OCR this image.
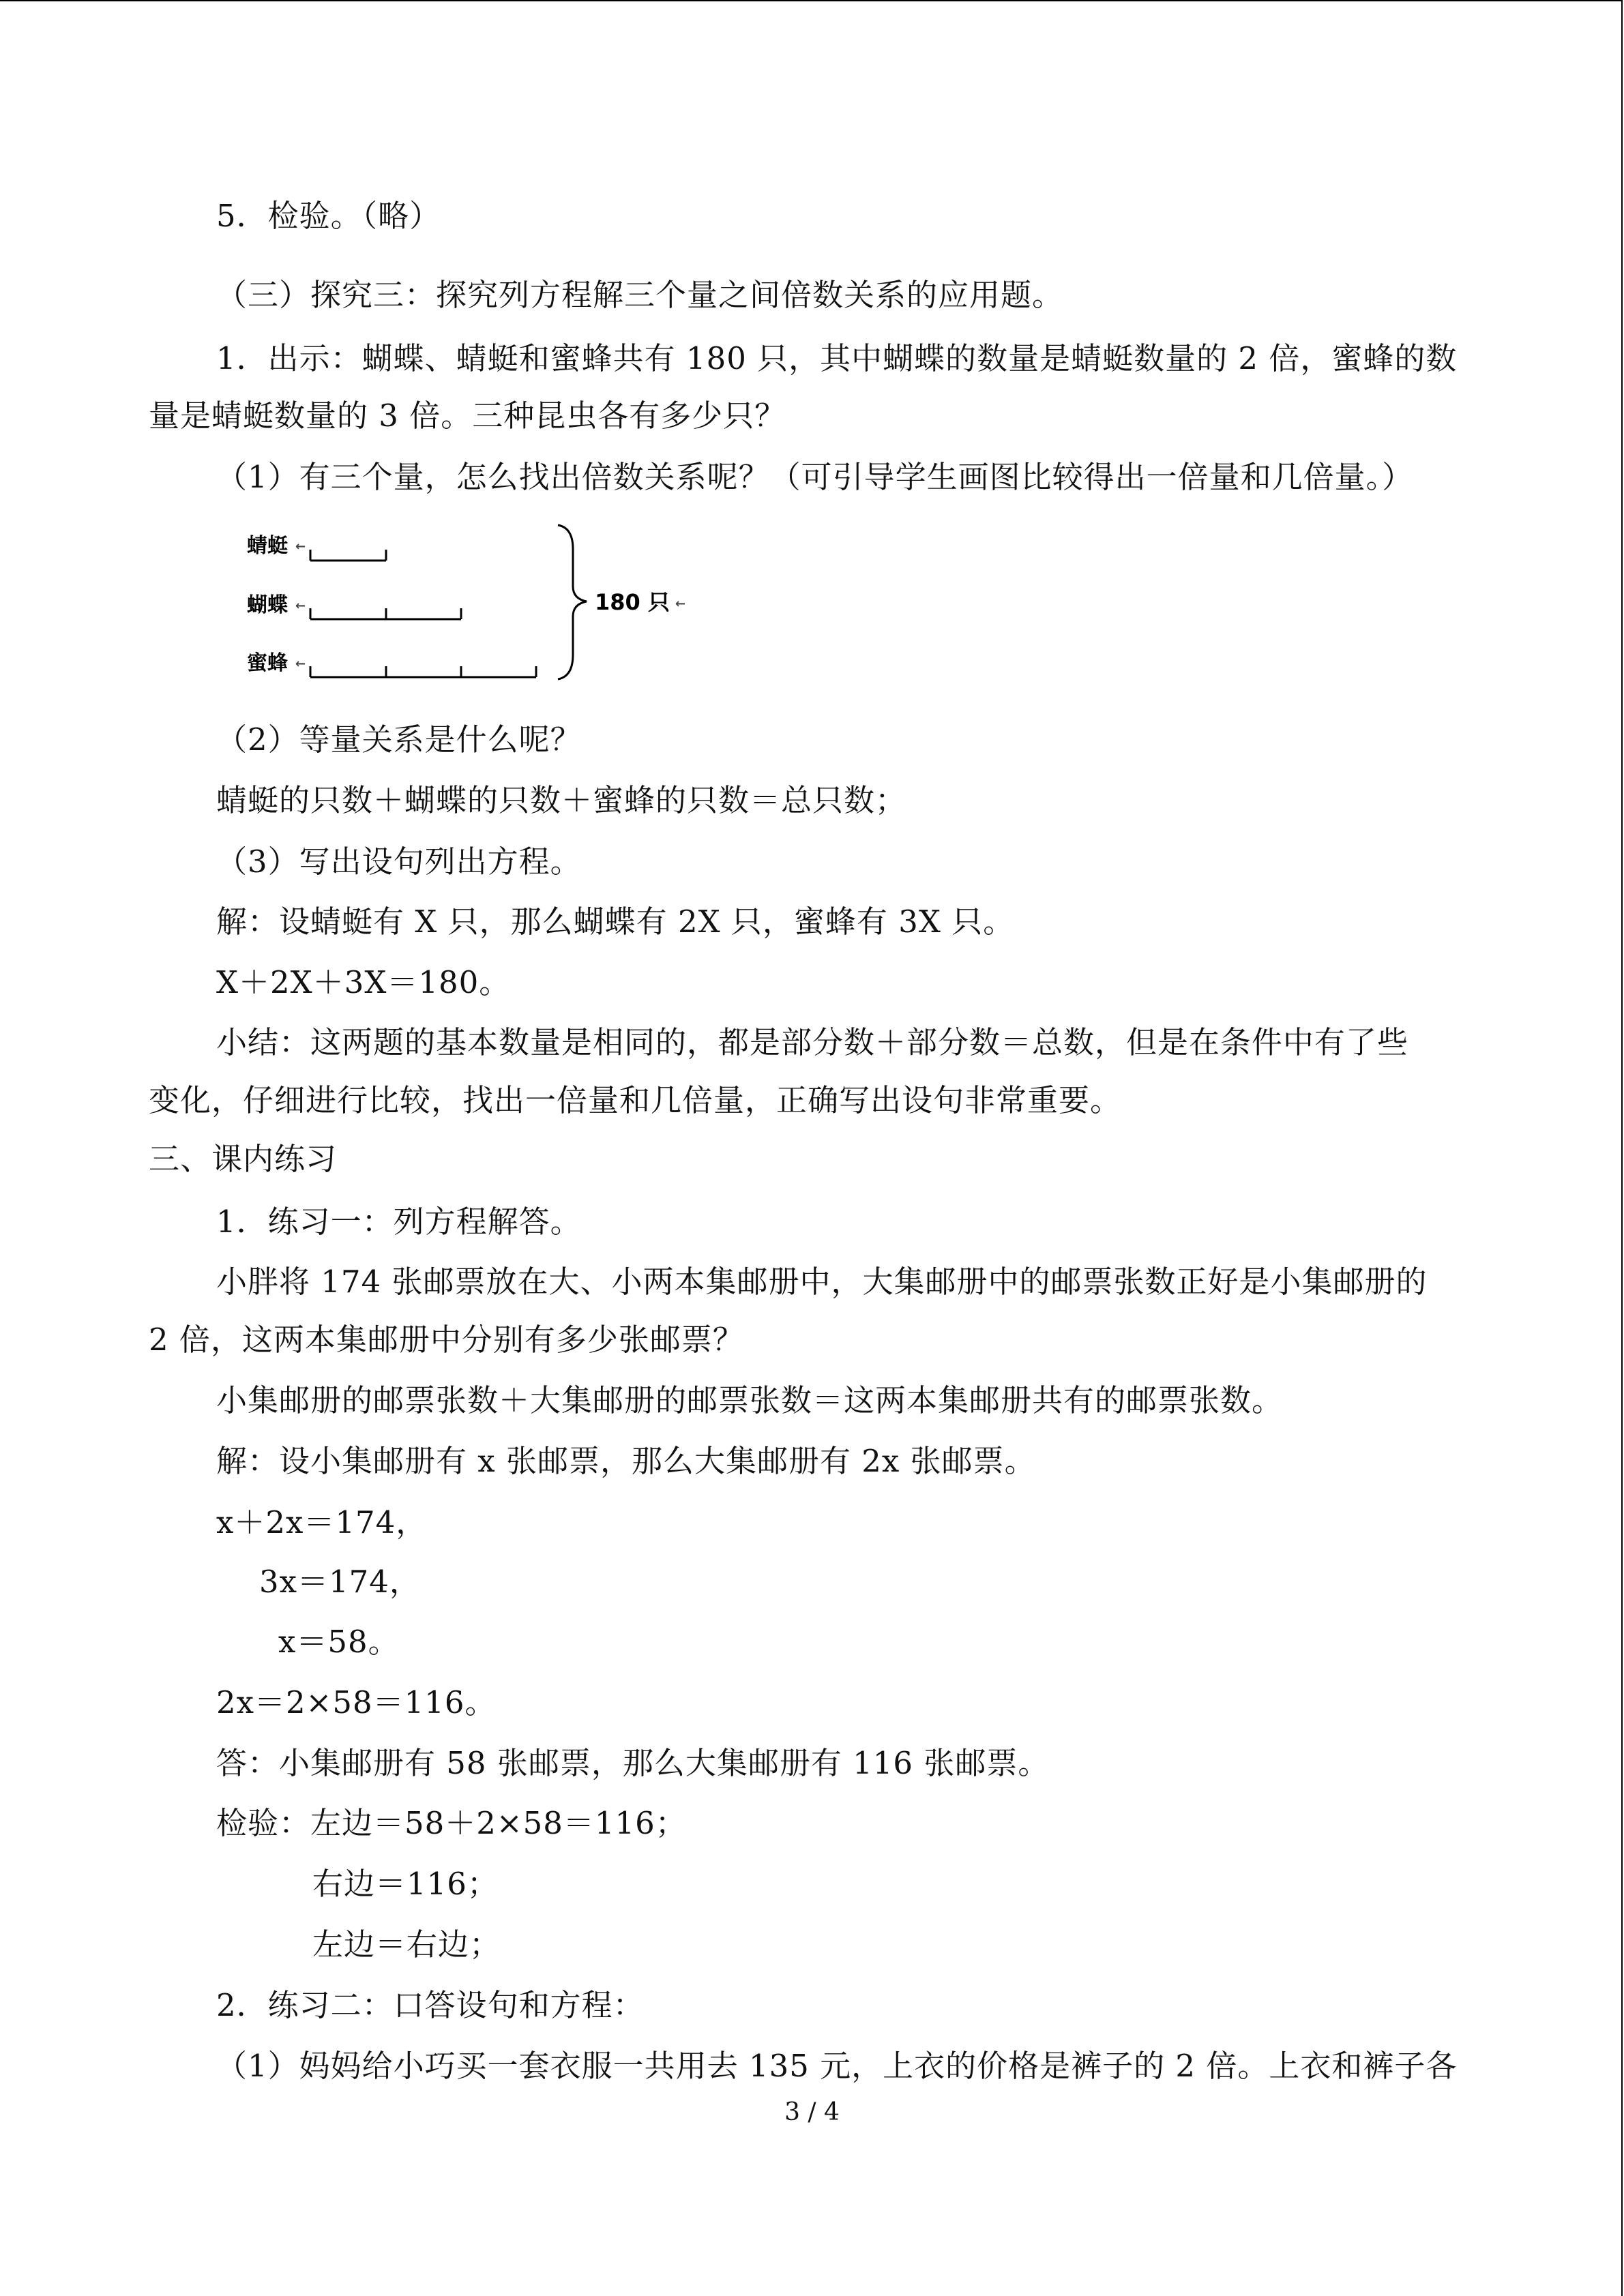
5．检验。（略）
（三）探究三：探究列方程解三个量之间倍数关系的应用题。
1．出示：蝴蝶、蜻蜓和蜜蜂共有 180 只，其中蝴蝶的数量是蜻蜓数量的 2 倍，蜜蜂的数
量是蜻蜓数量的 3 倍。三种昆虫各有多少只？
（1）有三个量，怎么找出倍数关系呢？（可引导学生画图比较得出一倍量和几倍量。）
蜻蜓 ←
蝴蝶 ←
蜜蜂 ←
180 只 ←
（2）等量关系是什么呢？
蜻蜓的只数＋蝴蝶的只数＋蜜蜂的只数＝总只数；
（3）写出设句列出方程。
解：设蜻蜓有 X 只，那么蝴蝶有 2X 只，蜜蜂有 3X 只。
X＋2X＋3X＝180。
小结：这两题的基本数量是相同的，都是部分数＋部分数＝总数，但是在条件中有了些
变化，仔细进行比较，找出一倍量和几倍量，正确写出设句非常重要。
三、课内练习
1．练习一：列方程解答。
小胖将 174 张邮票放在大、小两本集邮册中，大集邮册中的邮票张数正好是小集邮册的
2 倍，这两本集邮册中分别有多少张邮票？
小集邮册的邮票张数＋大集邮册的邮票张数＝这两本集邮册共有的邮票张数。
解：设小集邮册有 x 张邮票，那么大集邮册有 2x 张邮票。
x＋2x＝174，
3x＝174，
x＝58。
2x＝2×58＝116。
答：小集邮册有 58 张邮票，那么大集邮册有 116 张邮票。
检验：左边＝58＋2×58＝116；
右边＝116；
左边＝右边；
2．练习二：口答设句和方程：
（1）妈妈给小巧买一套衣服一共用去 135 元，上衣的价格是裤子的 2 倍。上衣和裤子各
3 / 4
